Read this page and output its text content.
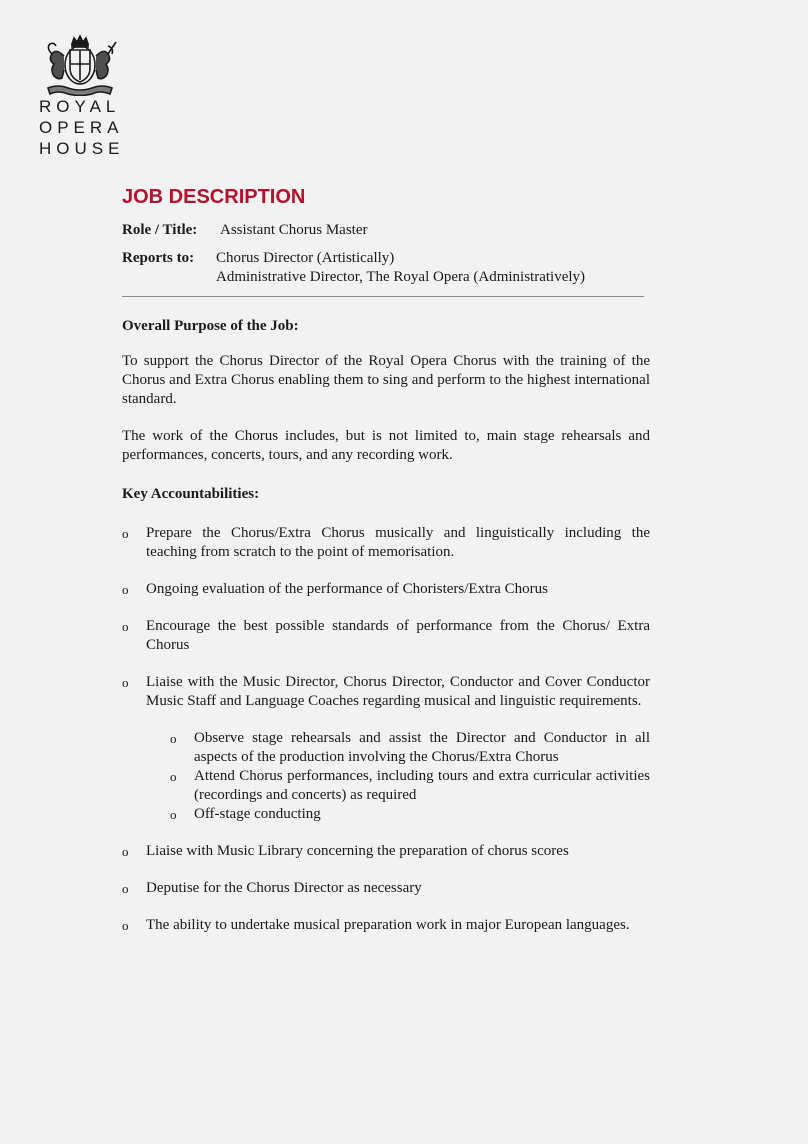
ROYAL
OPERA
HOUSE
JOB DESCRIPTION
Role / Title:	Assistant Chorus Master
Reports to:	Chorus Director (Artistically)
Administrative Director, The Royal Opera (Administratively)
Overall Purpose of the Job:

To support the Chorus Director of the Royal Opera Chorus with the training of the Chorus and Extra Chorus enabling them to sing and perform to the highest international standard.

The work of the Chorus includes, but is not limited to, main stage rehearsals and performances, concerts, tours, and any recording work.

Key Accountabilities:
o Prepare the Chorus/Extra Chorus musically and linguistically including the teaching from scratch to the point of memorisation.
o Ongoing evaluation of the performance of Choristers/Extra Chorus
o Encourage the best possible standards of performance from the Chorus/ Extra Chorus
o Liaise with the Music Director, Chorus Director, Conductor and Cover Conductor Music Staff and Language Coaches regarding musical and linguistic requirements.
o Observe stage rehearsals and assist the Director and Conductor in all aspects of the production involving the Chorus/Extra Chorus
o Attend Chorus performances, including tours and extra curricular activities (recordings and concerts) as required
o Off-stage conducting
o Liaise with Music Library concerning the preparation of chorus scores
o Deputise for the Chorus Director as necessary
o The ability to undertake musical preparation work in major European languages.
